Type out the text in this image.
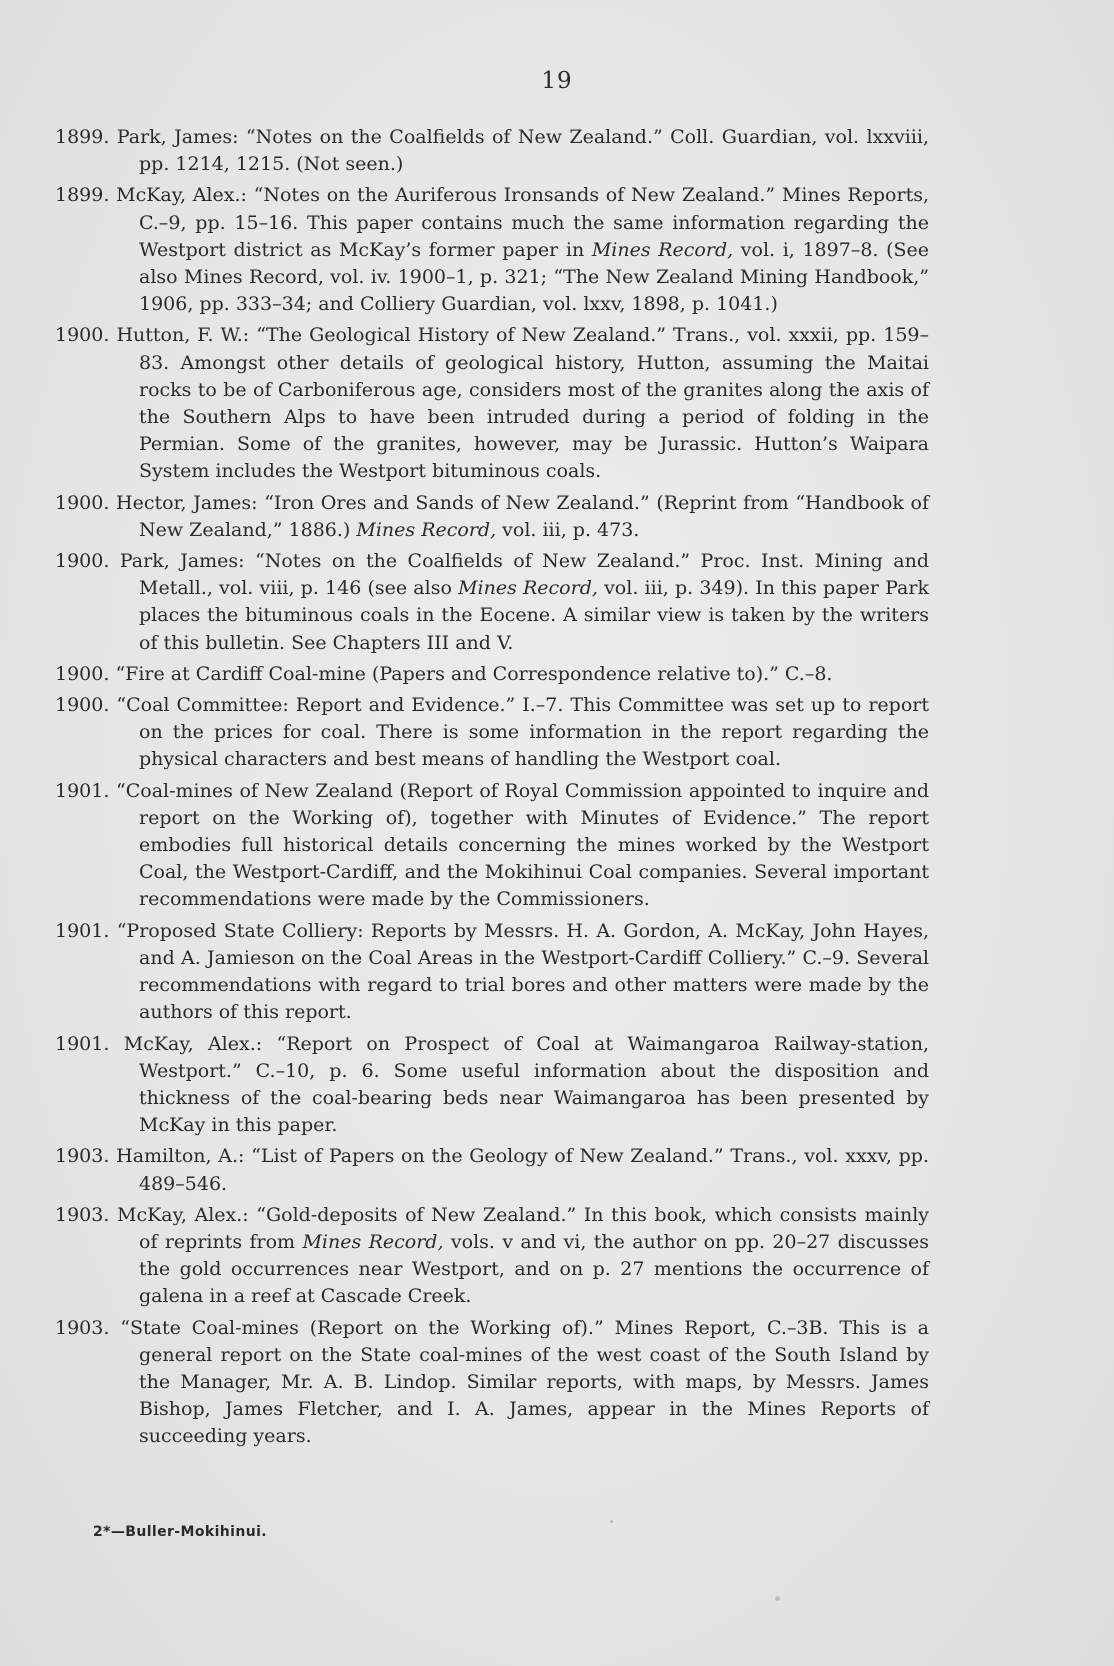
19

1899. Park, James: “Notes on the Coalfields of New Zealand.” Coll. Guardian, vol. lxxviii, pp. 1214, 1215. (Not seen.)

1899. McKay, Alex.: “Notes on the Auriferous Ironsands of New Zealand.” Mines Reports, C.–9, pp. 15–16. This paper contains much the same information regarding the Westport district as McKay’s former paper in Mines Record, vol. i, 1897–8. (See also Mines Record, vol. iv. 1900–1, p. 321; “The New Zealand Mining Handbook,” 1906, pp. 333–34; and Colliery Guardian, vol. lxxv, 1898, p. 1041.)

1900. Hutton, F. W.: “The Geological History of New Zealand.” Trans., vol. xxxii, pp. 159–83. Amongst other details of geological history, Hutton, assuming the Maitai rocks to be of Carboniferous age, considers most of the granites along the axis of the Southern Alps to have been intruded during a period of folding in the Permian. Some of the granites, however, may be Jurassic. Hutton’s Waipara System includes the Westport bituminous coals.

1900. Hector, James: “Iron Ores and Sands of New Zealand.” (Reprint from “Handbook of New Zealand,” 1886.) Mines Record, vol. iii, p. 473.

1900. Park, James: “Notes on the Coalfields of New Zealand.” Proc. Inst. Mining and Metall., vol. viii, p. 146 (see also Mines Record, vol. iii, p. 349). In this paper Park places the bituminous coals in the Eocene. A similar view is taken by the writers of this bulletin. See Chapters III and V.

1900. “Fire at Cardiff Coal-mine (Papers and Correspondence relative to).” C.–8.

1900. “Coal Committee: Report and Evidence.” I.–7. This Committee was set up to report on the prices for coal. There is some information in the report regarding the physical characters and best means of handling the Westport coal.

1901. “Coal-mines of New Zealand (Report of Royal Commission appointed to inquire and report on the Working of), together with Minutes of Evidence.” The report embodies full historical details concerning the mines worked by the Westport Coal, the Westport-Cardiff, and the Mokihinui Coal companies. Several important recommendations were made by the Commissioners.

1901. “Proposed State Colliery: Reports by Messrs. H. A. Gordon, A. McKay, John Hayes, and A. Jamieson on the Coal Areas in the Westport-Cardiff Colliery.” C.–9. Several recommendations with regard to trial bores and other matters were made by the authors of this report.

1901. McKay, Alex.: “Report on Prospect of Coal at Waimangaroa Railway-station, Westport.” C.–10, p. 6. Some useful information about the disposition and thickness of the coal-bearing beds near Waimangaroa has been presented by McKay in this paper.

1903. Hamilton, A.: “List of Papers on the Geology of New Zealand.” Trans., vol. xxxv, pp. 489–546.

1903. McKay, Alex.: “Gold-deposits of New Zealand.” In this book, which consists mainly of reprints from Mines Record, vols. v and vi, the author on pp. 20–27 discusses the gold occurrences near Westport, and on p. 27 mentions the occurrence of galena in a reef at Cascade Creek.

1903. “State Coal-mines (Report on the Working of).” Mines Report, C.–3B. This is a general report on the State coal-mines of the west coast of the South Island by the Manager, Mr. A. B. Lindop. Similar reports, with maps, by Messrs. James Bishop, James Fletcher, and I. A. James, appear in the Mines Reports of succeeding years.

2*—Buller-Mokihinui.
